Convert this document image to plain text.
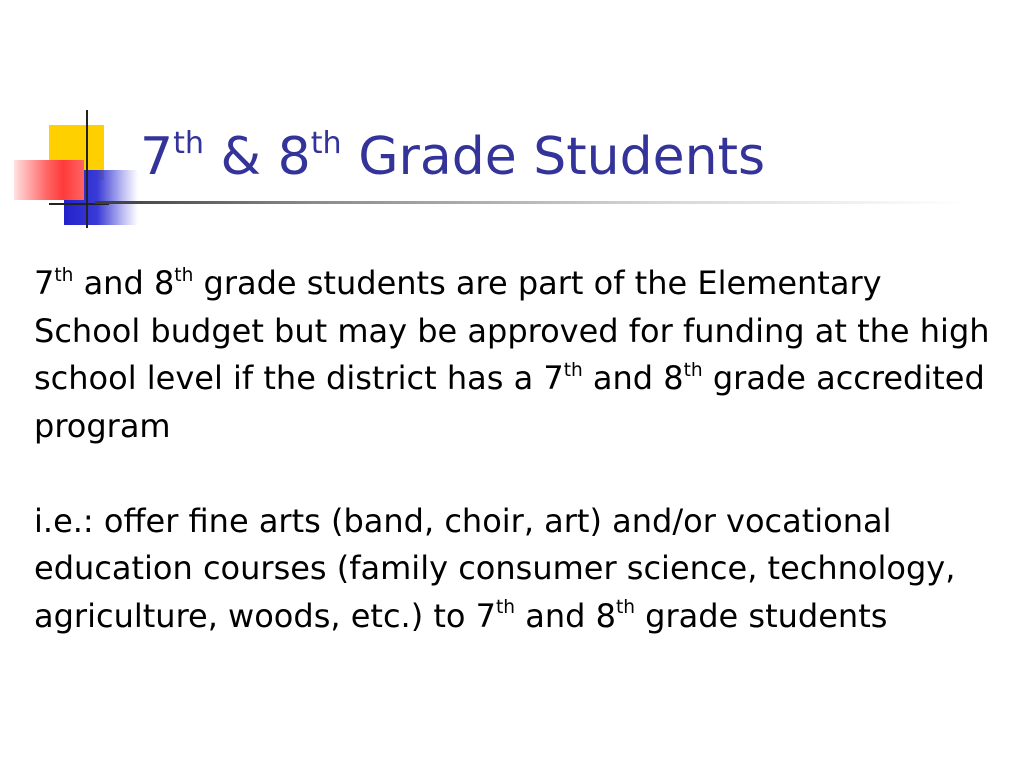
7th & 8th Grade Students

7th and 8th grade students are part of the Elementary School budget but may be approved for funding at the high school level if the district has a 7th and 8th grade accredited program

i.e.: offer fine arts (band, choir, art) and/or vocational education courses (family consumer science, technology, agriculture, woods, etc.) to 7th and 8th grade students
